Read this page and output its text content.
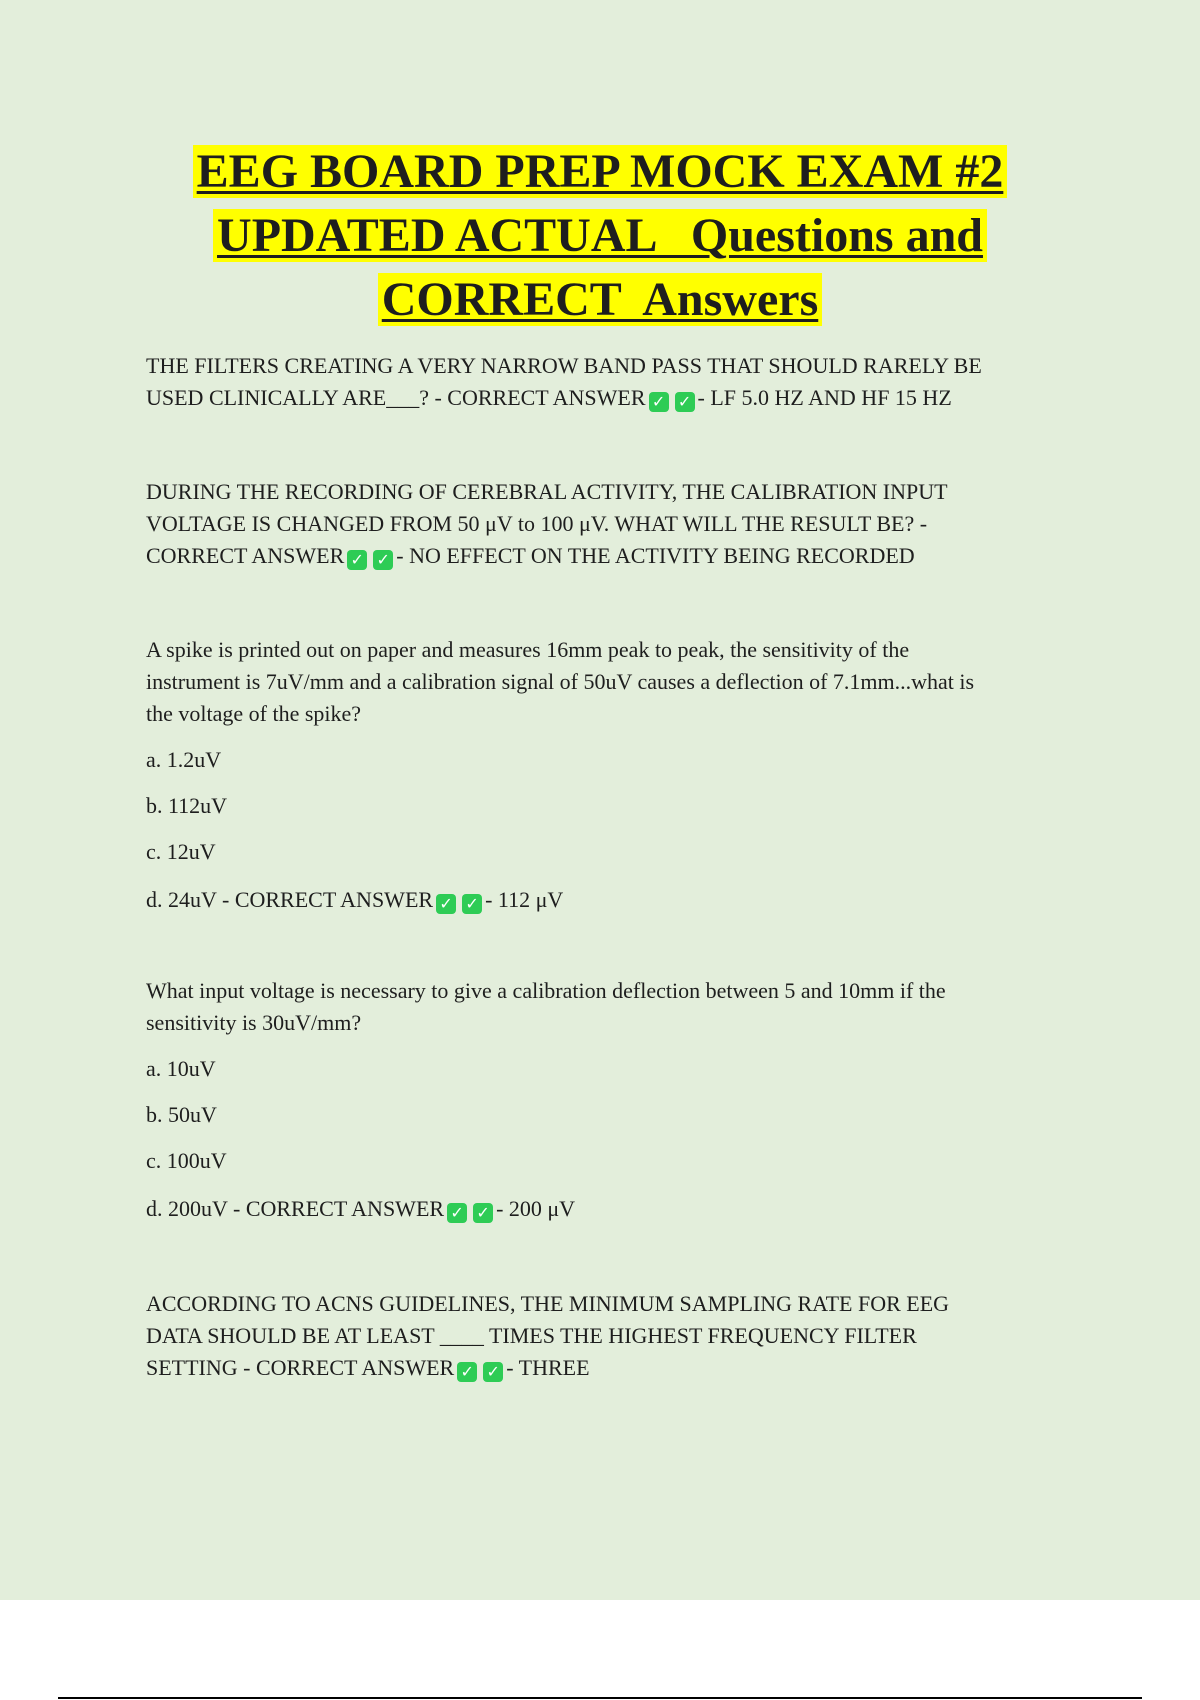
EEG BOARD PREP MOCK EXAM #2
UPDATED ACTUAL   Questions and
CORRECT  Answers

THE FILTERS CREATING A VERY NARROW BAND PASS THAT SHOULD RARELY BE

USED CLINICALLY ARE___? - CORRECT ANSWER ✓ ✓ - LF 5.0 HZ AND HF 15 HZ

DURING THE RECORDING OF CEREBRAL ACTIVITY, THE CALIBRATION INPUT

VOLTAGE IS CHANGED FROM 50 μV to 100 μV. WHAT WILL THE RESULT BE? -

CORRECT ANSWER ✓ ✓ - NO EFFECT ON THE ACTIVITY BEING RECORDED

A spike is printed out on paper and measures 16mm peak to peak, the sensitivity of the

instrument is 7uV/mm and a calibration signal of 50uV causes a deflection of 7.1mm...what is

the voltage of the spike?

a. 1.2uV

b. 112uV

c. 12uV

d. 24uV - CORRECT ANSWER ✓ ✓ - 112 μV

What input voltage is necessary to give a calibration deflection between 5 and 10mm if the

sensitivity is 30uV/mm?

a. 10uV

b. 50uV

c. 100uV

d. 200uV - CORRECT ANSWER ✓ ✓ - 200 μV

ACCORDING TO ACNS GUIDELINES, THE MINIMUM SAMPLING RATE FOR EEG

DATA SHOULD BE AT LEAST ____ TIMES THE HIGHEST FREQUENCY FILTER

SETTING - CORRECT ANSWER ✓ ✓ - THREE
